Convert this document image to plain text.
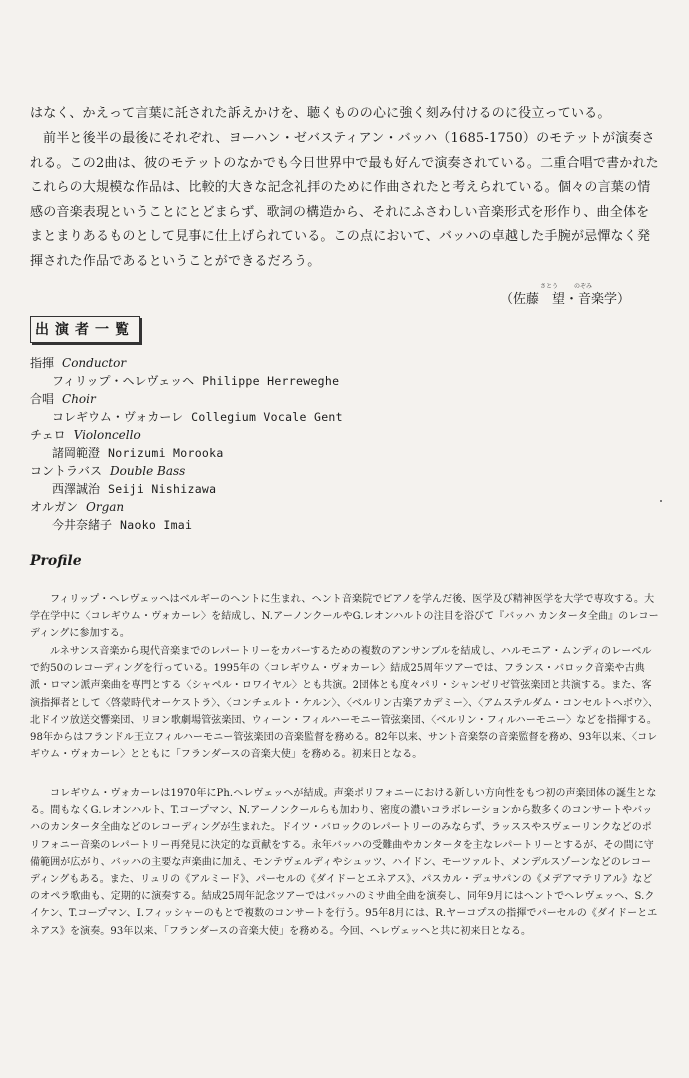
はなく、かえって言葉に託された訴えかけを、聴くものの心に強く刻み付けるのに役立っている。

前半と後半の最後にそれぞれ、ヨーハン・ゼバスティアン・バッハ（1685-1750）のモテットが演奏される。この2曲は、彼のモテットのなかでも今日世界中で最も好んで演奏されている。二重合唱で書かれたこれらの大規模な作品は、比較的大きな記念礼拝のために作曲されたと考えられている。個々の言葉の情感の音楽表現ということにとどまらず、歌詞の構造から、それにふさわしい音楽形式を形作り、曲全体をまとまりあるものとして見事に仕上げられている。この点において、バッハの卓越した手腕が忌憚なく発揮された作品であるということができるだろう。

さとう	のぞみ
（佐藤　望・音楽学）
出演者一覧
指揮 Conductor
フィリップ・ヘレヴェッヘ Philippe Herreweghe
合唱 Choir
コレギウム・ヴォカーレ Collegium Vocale Gent
チェロ Violoncello
諸岡範澄 Norizumi Morooka
コントラバス Double Bass
西澤誠治 Seiji Nishizawa
オルガン Organ
今井奈緒子 Naoko Imai
Profile

フィリップ・ヘレヴェッヘはベルギーのヘントに生まれ、ヘント音楽院でピアノを学んだ後、医学及び精神医学を大学で専攻する。大学在学中に〈コレギウム・ヴォカーレ〉を結成し、N.アーノンクールやG.レオンハルトの注目を浴びて『バッハ カンタータ全曲』のレコーディングに参加する。

ルネサンス音楽から現代音楽までのレパートリーをカバーするための複数のアンサンブルを結成し、ハルモニア・ムンディのレーベルで約50のレコーディングを行っている。1995年の〈コレギウム・ヴォカーレ〉結成25周年ツアーでは、フランス・バロック音楽や古典派・ロマン派声楽曲を専門とする〈シャペル・ロワイヤル〉とも共演。2団体とも度々パリ・シャンゼリゼ管弦楽団と共演する。また、客演指揮者として〈啓蒙時代オーケストラ〉、〈コンチェルト・ケルン〉、〈ベルリン古楽アカデミー〉、〈アムステルダム・コンセルトヘボウ〉、北ドイツ放送交響楽団、リヨン歌劇場管弦楽団、ウィーン・フィルハーモニー管弦楽団、〈ベルリン・フィルハーモニー〉などを指揮する。98年からはフランドル王立フィルハーモニー管弦楽団の音楽監督を務める。82年以来、サント音楽祭の音楽監督を務め、93年以来、〈コレギウム・ヴォカーレ〉とともに「フランダースの音楽大使」を務める。初来日となる。

コレギウム・ヴォカーレは1970年にPh.ヘレヴェッヘが結成。声楽ポリフォニーにおける新しい方向性をもつ初の声楽団体の誕生となる。間もなくG.レオンハルト、T.コープマン、N.アーノンクールらも加わり、密度の濃いコラボレーションから数多くのコンサートやバッハのカンタータ全曲などのレコーディングが生まれた。ドイツ・バロックのレパートリーのみならず、ラッススやスヴェーリンクなどのポリフォニー音楽のレパートリー再発見に決定的な貢献をする。永年バッハの受難曲やカンタータを主なレパートリーとするが、その間に守備範囲が広がり、バッハの主要な声楽曲に加え、モンテヴェルディやシュッツ、ハイドン、モーツァルト、メンデルスゾーンなどのレコーディングもある。また、リュリの《アルミード》、パーセルの《ダイドーとエネアス》、パスカル・デュサパンの《メデアマテリアル》などのオペラ歌曲も、定期的に演奏する。結成25周年記念ツアーではバッハのミサ曲全曲を演奏し、同年9月にはヘントでヘレヴェッヘ、S.クイケン、T.コープマン、I.フィッシャーのもとで複数のコンサートを行う。95年8月には、R.ヤーコプスの指揮でパーセルの《ダイドーとエネアス》を演奏。93年以来、「フランダースの音楽大使」を務める。今回、ヘレヴェッヘと共に初来日となる。
